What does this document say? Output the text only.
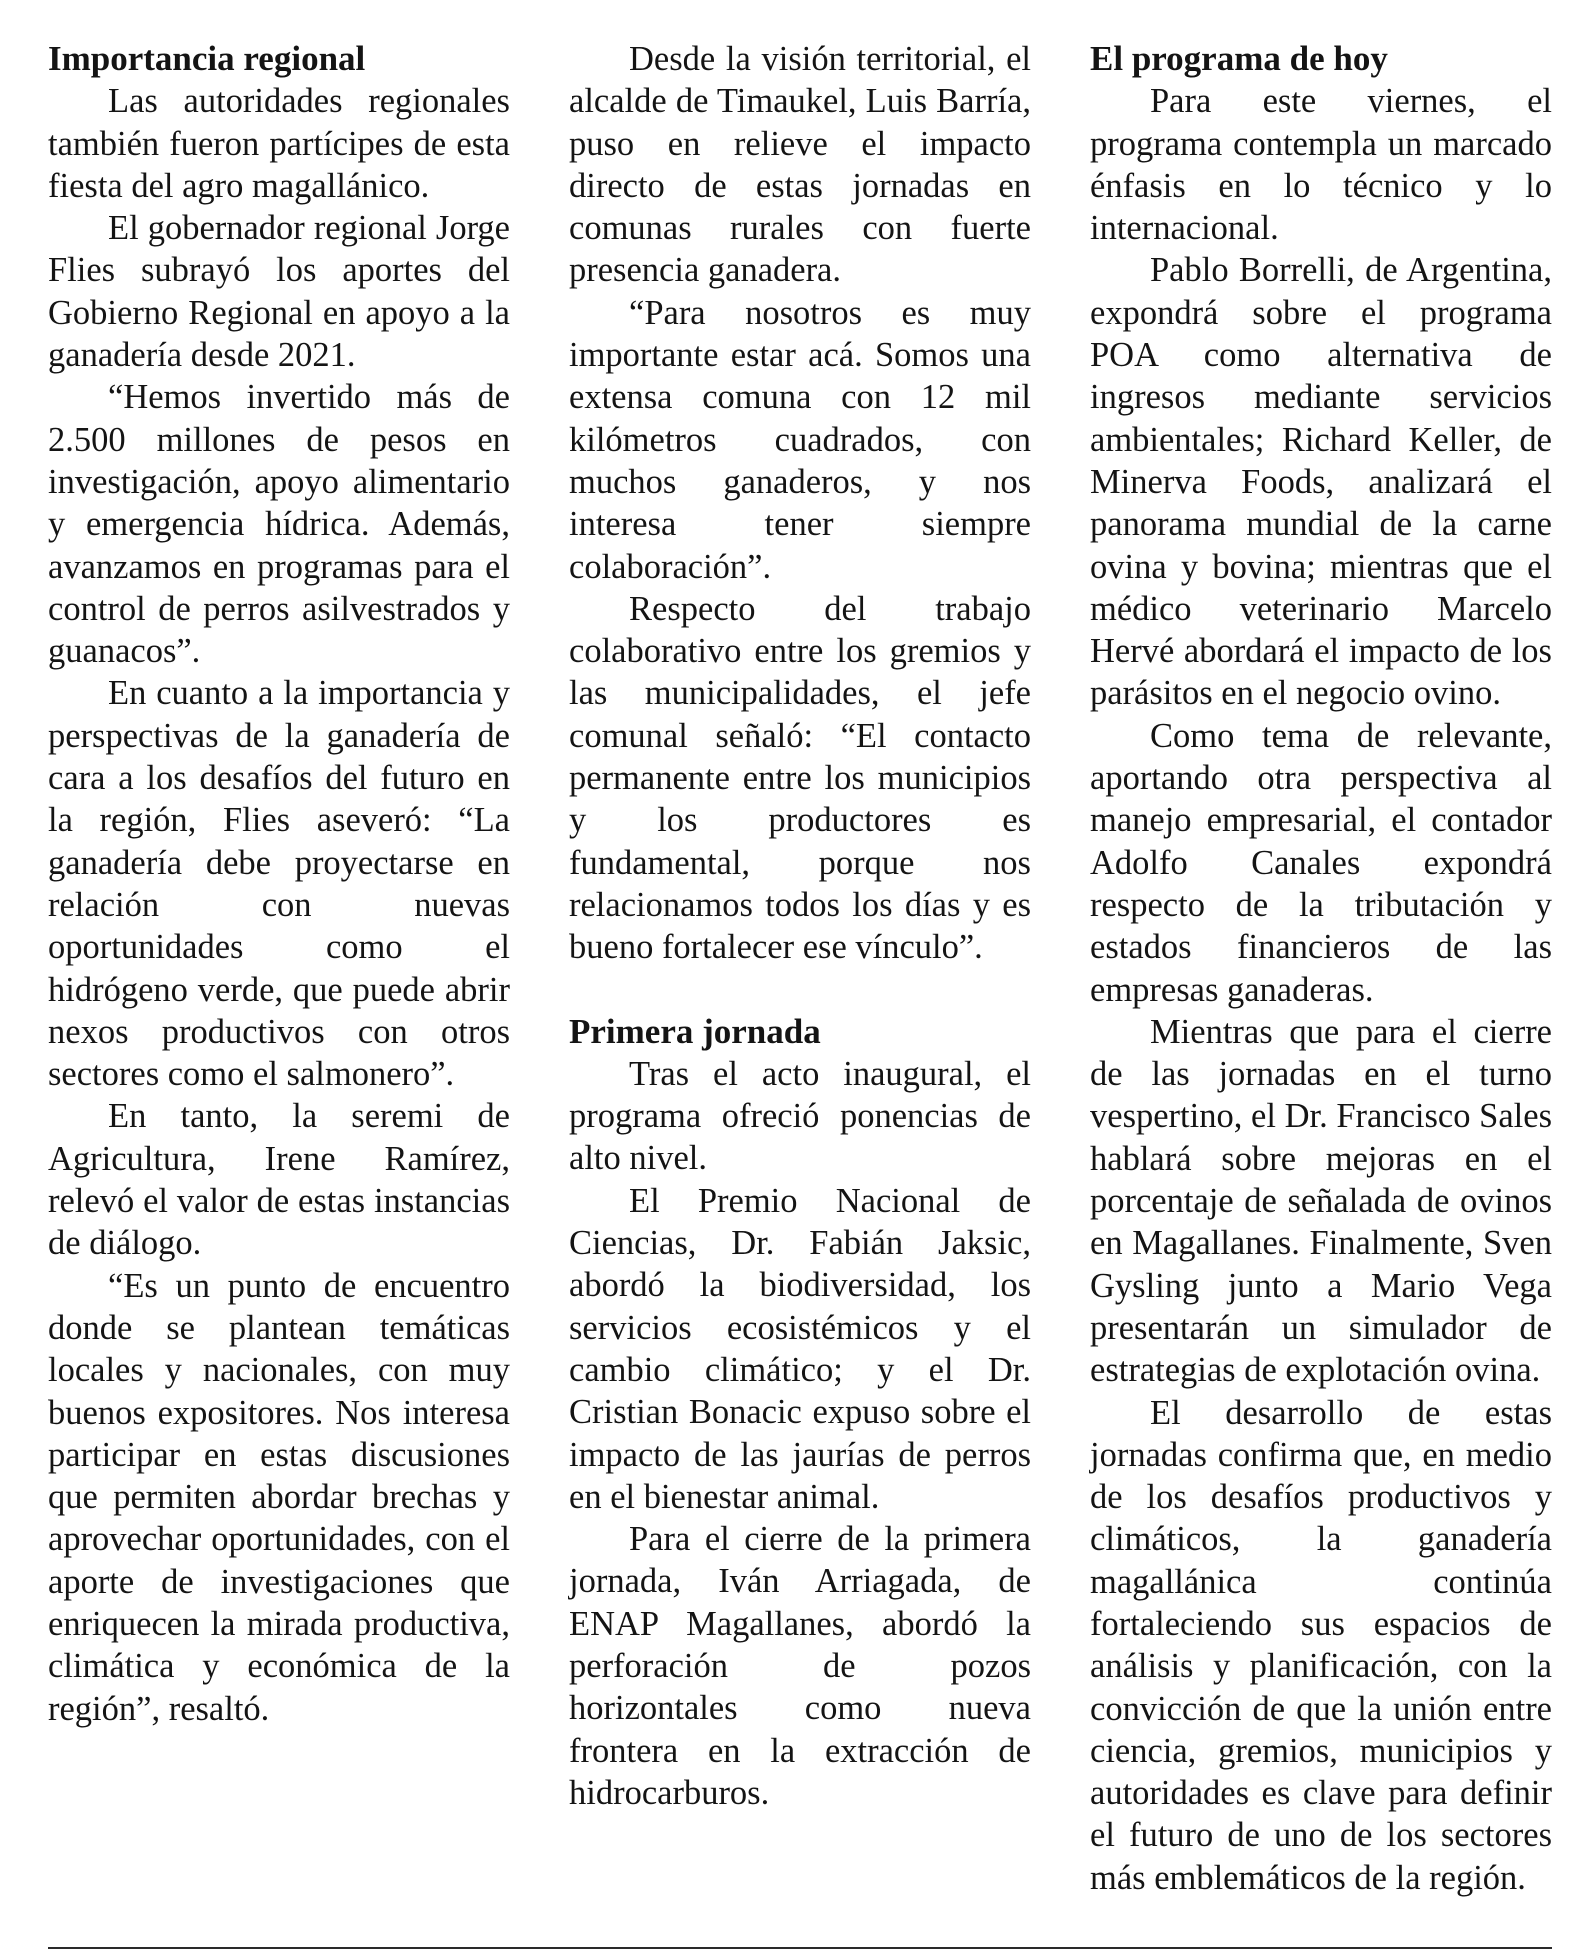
Importancia regional

Las autoridades regionales también fueron partícipes de esta fiesta del agro magallánico.

El gobernador regional Jorge Flies subrayó los aportes del Gobierno Regional en apoyo a la ganadería desde 2021.

“Hemos invertido más de 2.500 millones de pesos en investigación, apoyo alimentario y emergencia hídrica. Además, avanzamos en programas para el control de perros asilvestrados y guanacos”.

En cuanto a la importancia y perspectivas de la ganadería de cara a los desafíos del futuro en la región, Flies aseveró: “La ganadería debe proyectarse en relación con nuevas oportunidades como el hidrógeno verde, que puede abrir nexos productivos con otros sectores como el salmonero”.

En tanto, la seremi de Agricultura, Irene Ramírez, relevó el valor de estas instancias de diálogo.

“Es un punto de encuentro donde se plantean temáticas locales y nacionales, con muy buenos expositores. Nos interesa participar en estas discusiones que permiten abordar brechas y aprovechar oportunidades, con el aporte de investigaciones que enriquecen la mirada productiva, climática y económica de la región”, resaltó.

Desde la visión territorial, el alcalde de Timaukel, Luis Barría, puso en relieve el impacto directo de estas jornadas en comunas rurales con fuerte presencia ganadera.

“Para nosotros es muy importante estar acá. Somos una extensa comuna con 12 mil kilómetros cuadrados, con muchos ganaderos, y nos interesa tener siempre colaboración”.

Respecto del trabajo colaborativo entre los gremios y las municipalidades, el jefe comunal señaló: “El contacto permanente entre los municipios y los productores es fundamental, porque nos relacionamos todos los días y es bueno fortalecer ese vínculo”.

Primera jornada

Tras el acto inaugural, el programa ofreció ponencias de alto nivel.

El Premio Nacional de Ciencias, Dr. Fabián Jaksic, abordó la biodiversidad, los servicios ecosistémicos y el cambio climático; y el Dr. Cristian Bonacic expuso sobre el impacto de las jaurías de perros en el bienestar animal.

Para el cierre de la primera jornada, Iván Arriagada, de ENAP Magallanes, abordó la perforación de pozos horizontales como nueva frontera en la extracción de hidrocarburos.

El programa de hoy

Para este viernes, el programa contempla un marcado énfasis en lo técnico y lo internacional.

Pablo Borrelli, de Argentina, expondrá sobre el programa POA como alternativa de ingresos mediante servicios ambientales; Richard Keller, de Minerva Foods, analizará el panorama mundial de la carne ovina y bovina; mientras que el médico veterinario Marcelo Hervé abordará el impacto de los parásitos en el negocio ovino.

Como tema de relevante, aportando otra perspectiva al manejo empresarial, el contador Adolfo Canales expondrá respecto de la tributación y estados financieros de las empresas ganaderas.

Mientras que para el cierre de las jornadas en el turno vespertino, el Dr. Francisco Sales hablará sobre mejoras en el porcentaje de señalada de ovinos en Magallanes. Finalmente, Sven Gysling junto a Mario Vega presentarán un simulador de estrategias de explotación ovina.

El desarrollo de estas jornadas confirma que, en medio de los desafíos productivos y climáticos, la ganadería magallánica continúa fortaleciendo sus espacios de análisis y planificación, con la convicción de que la unión entre ciencia, gremios, municipios y autoridades es clave para definir el futuro de uno de los sectores más emblemáticos de la región.
